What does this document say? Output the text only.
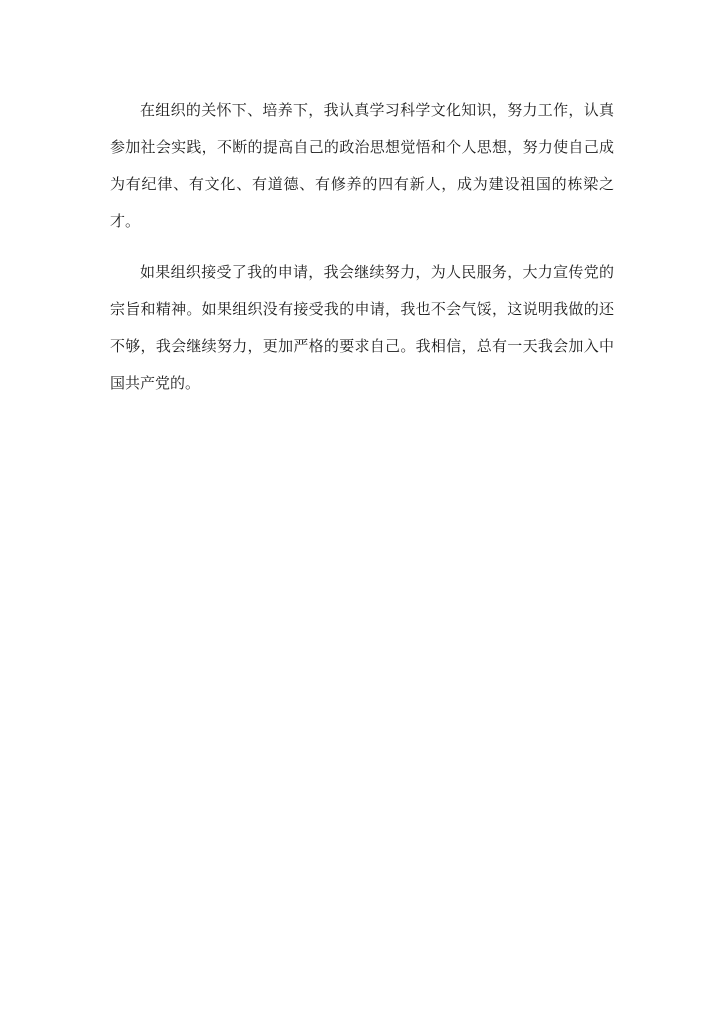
在组织的关怀下、培养下，我认真学习科学文化知识，努力工作，认真参加社会实践，不断的提高自己的政治思想觉悟和个人思想，努力使自己成为有纪律、有文化、有道德、有修养的四有新人，成为建设祖国的栋梁之才。

如果组织接受了我的申请，我会继续努力，为人民服务，大力宣传党的宗旨和精神。如果组织没有接受我的申请，我也不会气馁，这说明我做的还不够，我会继续努力，更加严格的要求自己。我相信，总有一天我会加入中国共产党的。
